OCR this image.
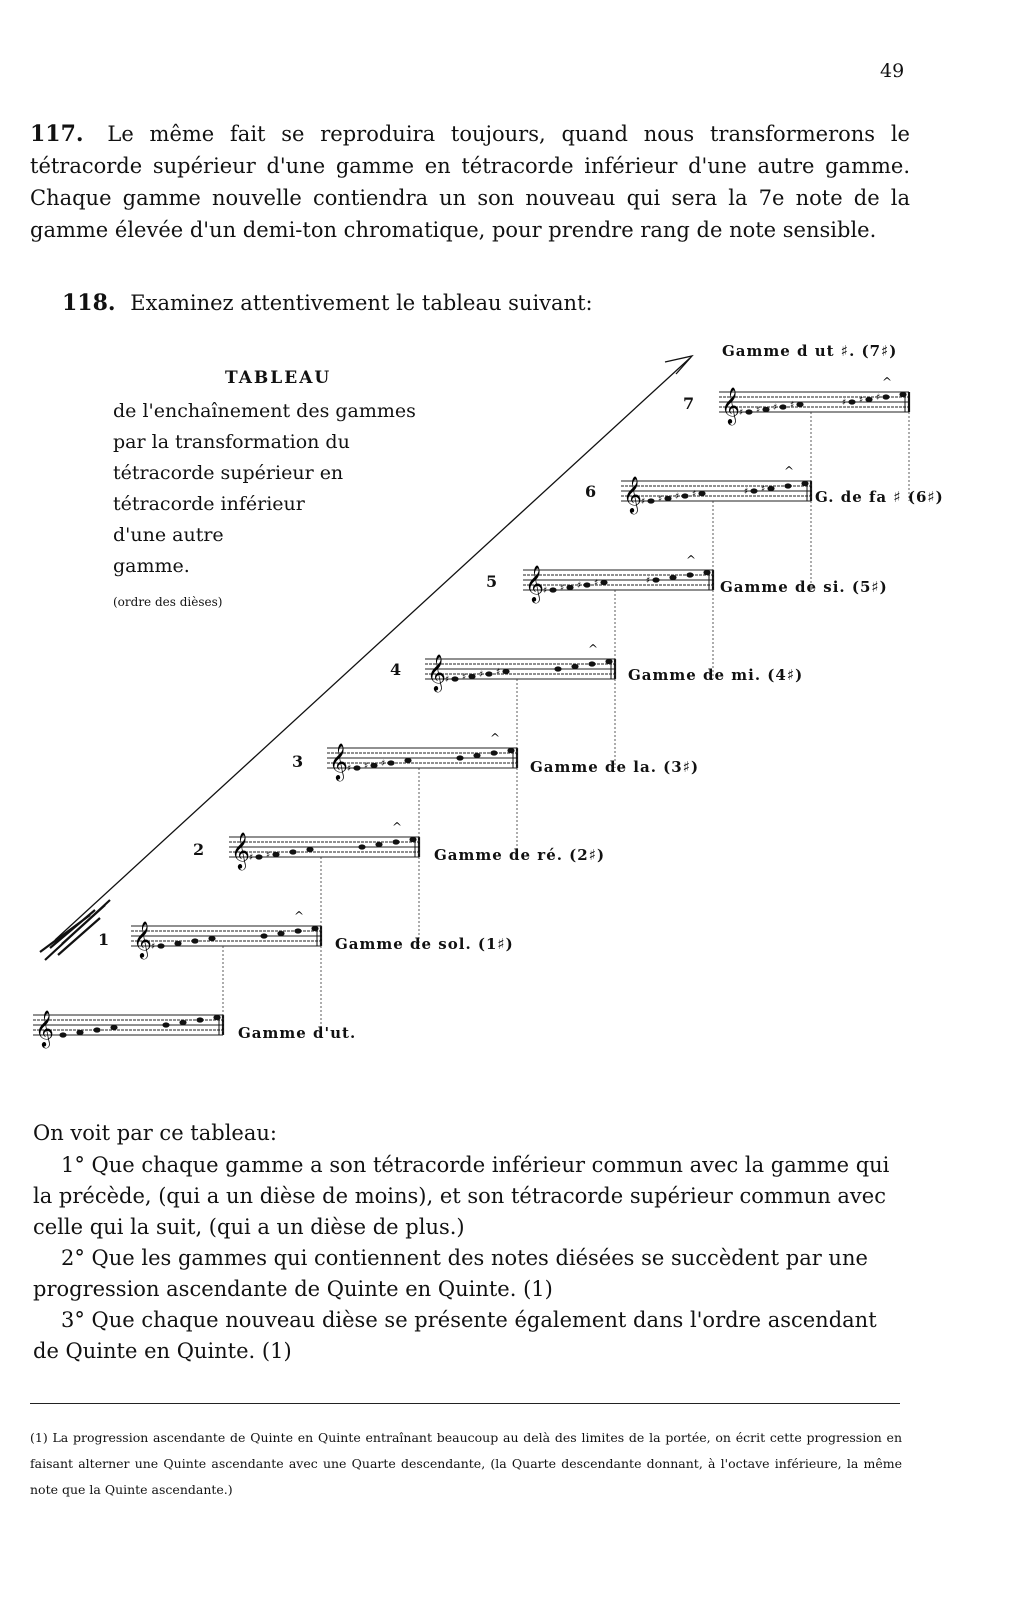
49
117. Le même fait se reproduira toujours, quand nous transformerons le tétracorde supérieur d'une gamme en tétracorde inférieur d'une autre gamme. Chaque gamme nouvelle contiendra un son nouveau qui sera la 7e note de la gamme élevée d'un demi-ton chromatique, pour prendre rang de note sensible.
118. Examinez attentivement le tableau suivant:
TABLEAU
de l'enchaînement des gammes
par la transformation du
tétracorde supérieur en
tétracorde inférieur
d'une autre
gamme.
(ordre des dièses)
𝄞
𝄞 ♯
^
𝄞 ♯ ♯
^
𝄞 ♯ ♯ ♯
^
𝄞 ♯ ♯ ♯ ♯
^
𝄞 ♯ ♯ ♯ ♯	♯
^
𝄞 ♯ ♯ ♯ ♯	♯ ♯
^
𝄞 ♯ ♯ ♯ ♯	♯ ♯ ♯
^
Gamme d'ut.
Gamme de sol. (1♯)
Gamme de ré. (2♯)
Gamme de la. (3♯)
Gamme de mi. (4♯)
Gamme de si. (5♯)
G. de fa ♯ (6♯)
Gamme d ut ♯. (7♯)
1
2
3
4
5
6
7
On voit par ce tableau:
1° Que chaque gamme a son tétracorde inférieur commun avec la gamme qui la précède, (qui a un dièse de moins), et son tétracorde supérieur commun avec celle qui la suit, (qui a un dièse de plus.)
2° Que les gammes qui contiennent des notes diésées se succèdent par une progression ascendante de Quinte en Quinte. (1)
3° Que chaque nouveau dièse se présente également dans l'ordre ascendant de Quinte en Quinte. (1)
(1) La progression ascendante de Quinte en Quinte entraînant beaucoup au delà des limites de la portée, on écrit cette progression en faisant alterner une Quinte ascendante avec une Quarte descendante, (la Quarte descendante donnant, à l'octave inférieure, la même note que la Quinte ascendante.)
